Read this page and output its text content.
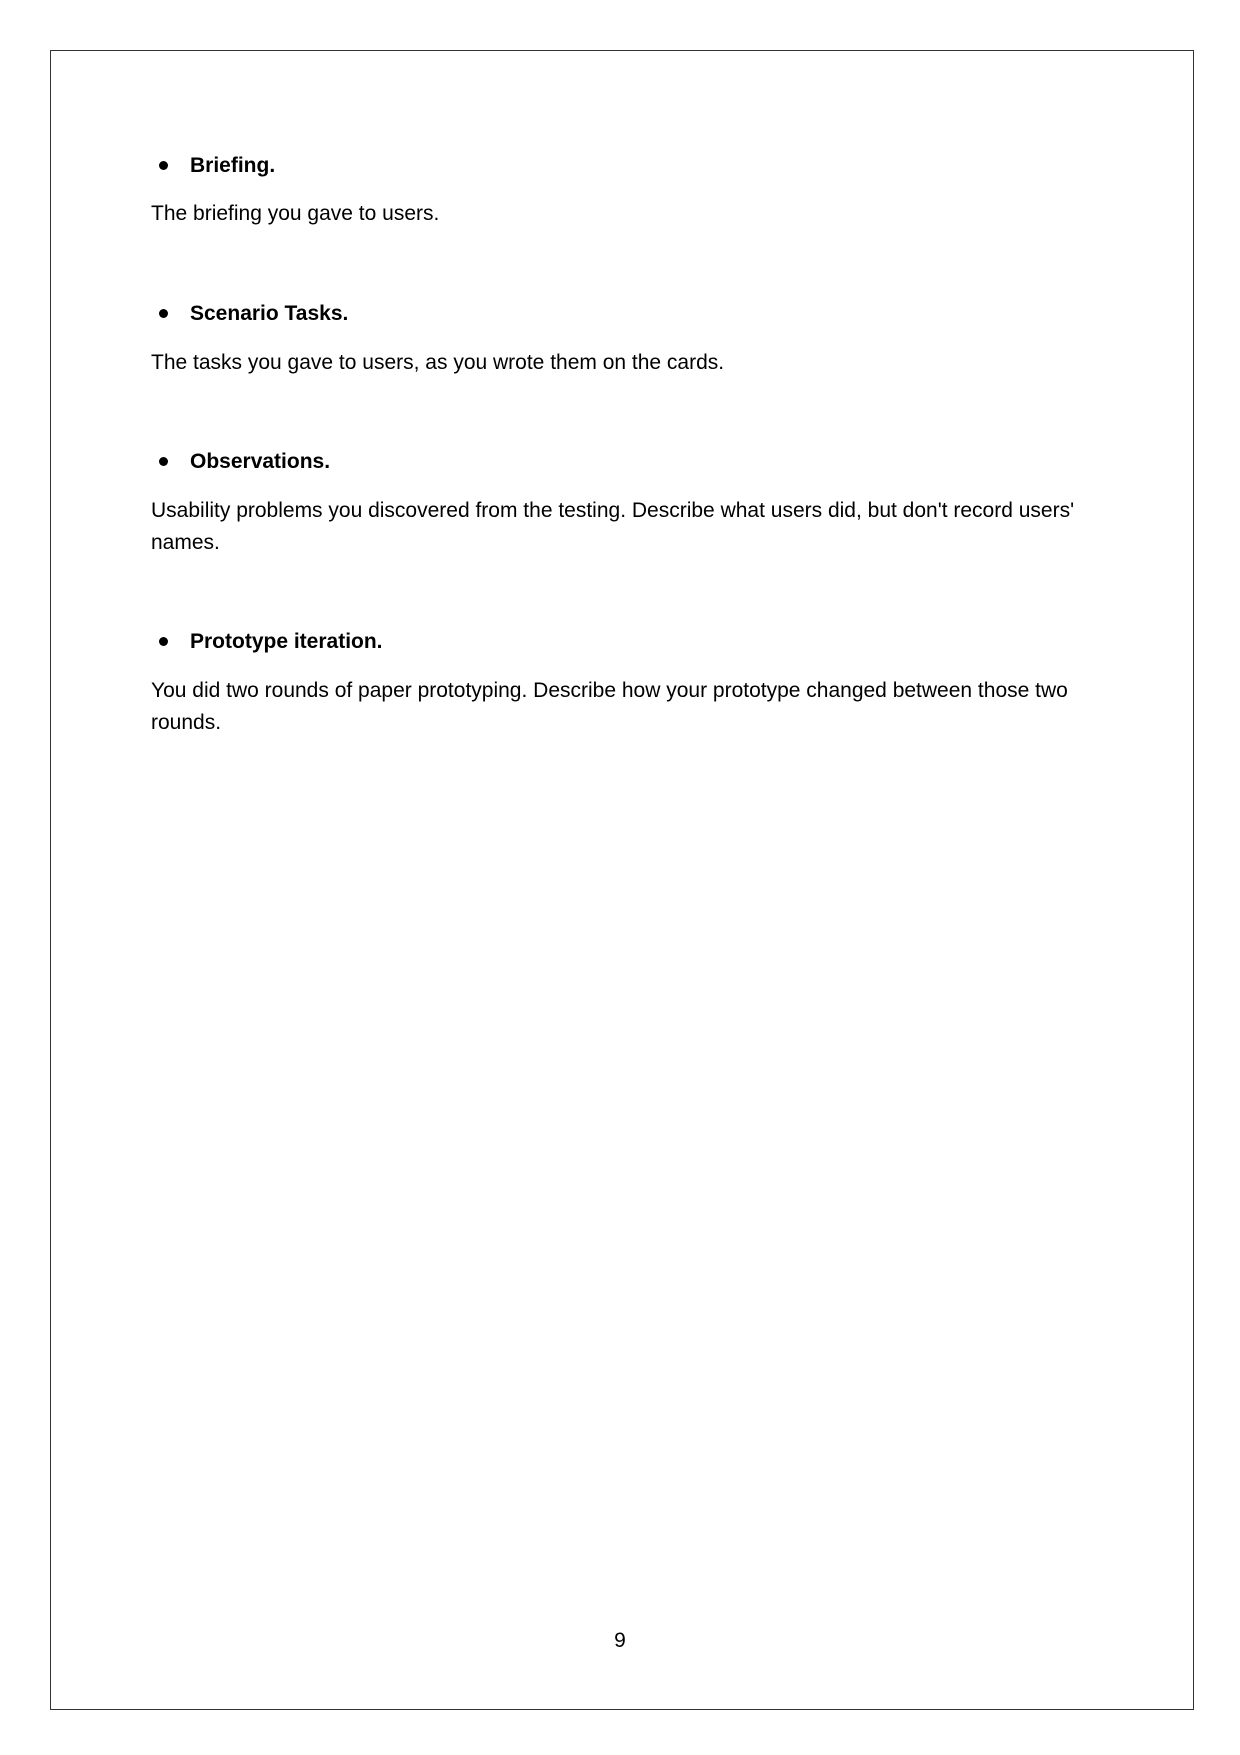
Briefing.

The briefing you gave to users.

Scenario Tasks.

The tasks you gave to users, as you wrote them on the cards.

Observations.

Usability problems you discovered from the testing. Describe what users did, but don't record users' names.

Prototype iteration.

You did two rounds of paper prototyping. Describe how your prototype changed between those two rounds.

9
